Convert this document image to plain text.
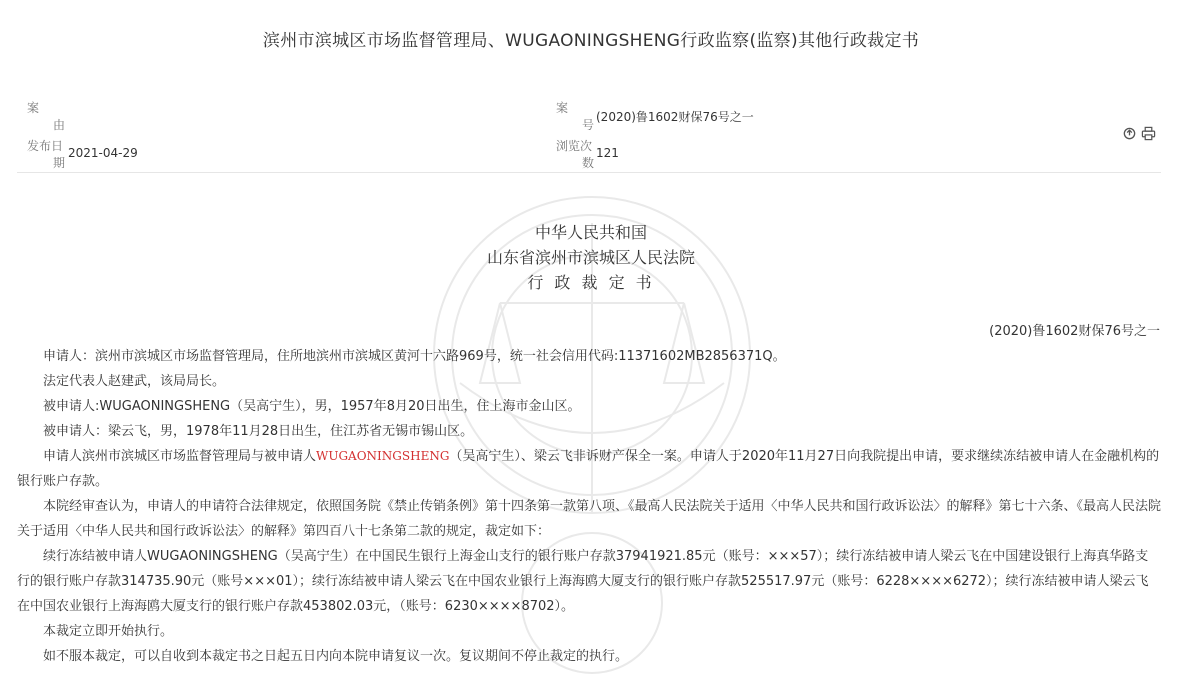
滨州市滨城区市场监督管理局、WUGAONINGSHENG行政监察(监察)其他行政裁定书
案
由
发布日
期
2021-04-29
案
号
(2020)鲁1602财保76号之一
浏览次
数
121
中华人民共和国
山东省滨州市滨城区人民法院
行 政 裁 定 书
(2020)鲁1602财保76号之一

申请人：滨州市滨城区市场监督管理局，住所地滨州市滨城区黄河十六路969号，统一社会信用代码:11371602MB2856371Q。

法定代表人赵建武，该局局长。

被申请人:WUGAONINGSHENG（吴高宁生），男，1957年8月20日出生，住上海市金山区。

被申请人：梁云飞，男，1978年11月28日出生，住江苏省无锡市锡山区。

申请人滨州市滨城区市场监督管理局与被申请人WUGAONINGSHENG（吴高宁生）、梁云飞非诉财产保全一案。申请人于2020年11月27日向我院提出申请，要求继续冻结被申请人在金融机构的银行账户存款。

本院经审查认为，申请人的申请符合法律规定，依照国务院《禁止传销条例》第十四条第一款第八项、《最高人民法院关于适用〈中华人民共和国行政诉讼法〉的解释》第七十六条、《最高人民法院关于适用〈中华人民共和国行政诉讼法〉的解释》第四百八十七条第二款的规定，裁定如下：

续行冻结被申请人WUGAONINGSHENG（吴高宁生）在中国民生银行上海金山支行的银行账户存款37941921.85元（账号：×××57）；续行冻结被申请人梁云飞在中国建设银行上海真华路支行的银行账户存款314735.90元（账号×××01）；续行冻结被申请人梁云飞在中国农业银行上海海鸥大厦支行的银行账户存款525517.97元（账号：6228××××6272）；续行冻结被申请人梁云飞在中国农业银行上海海鸥大厦支行的银行账户存款453802.03元，（账号：6230××××8702）。

本裁定立即开始执行。

如不服本裁定，可以自收到本裁定书之日起五日内向本院申请复议一次。复议期间不停止裁定的执行。
